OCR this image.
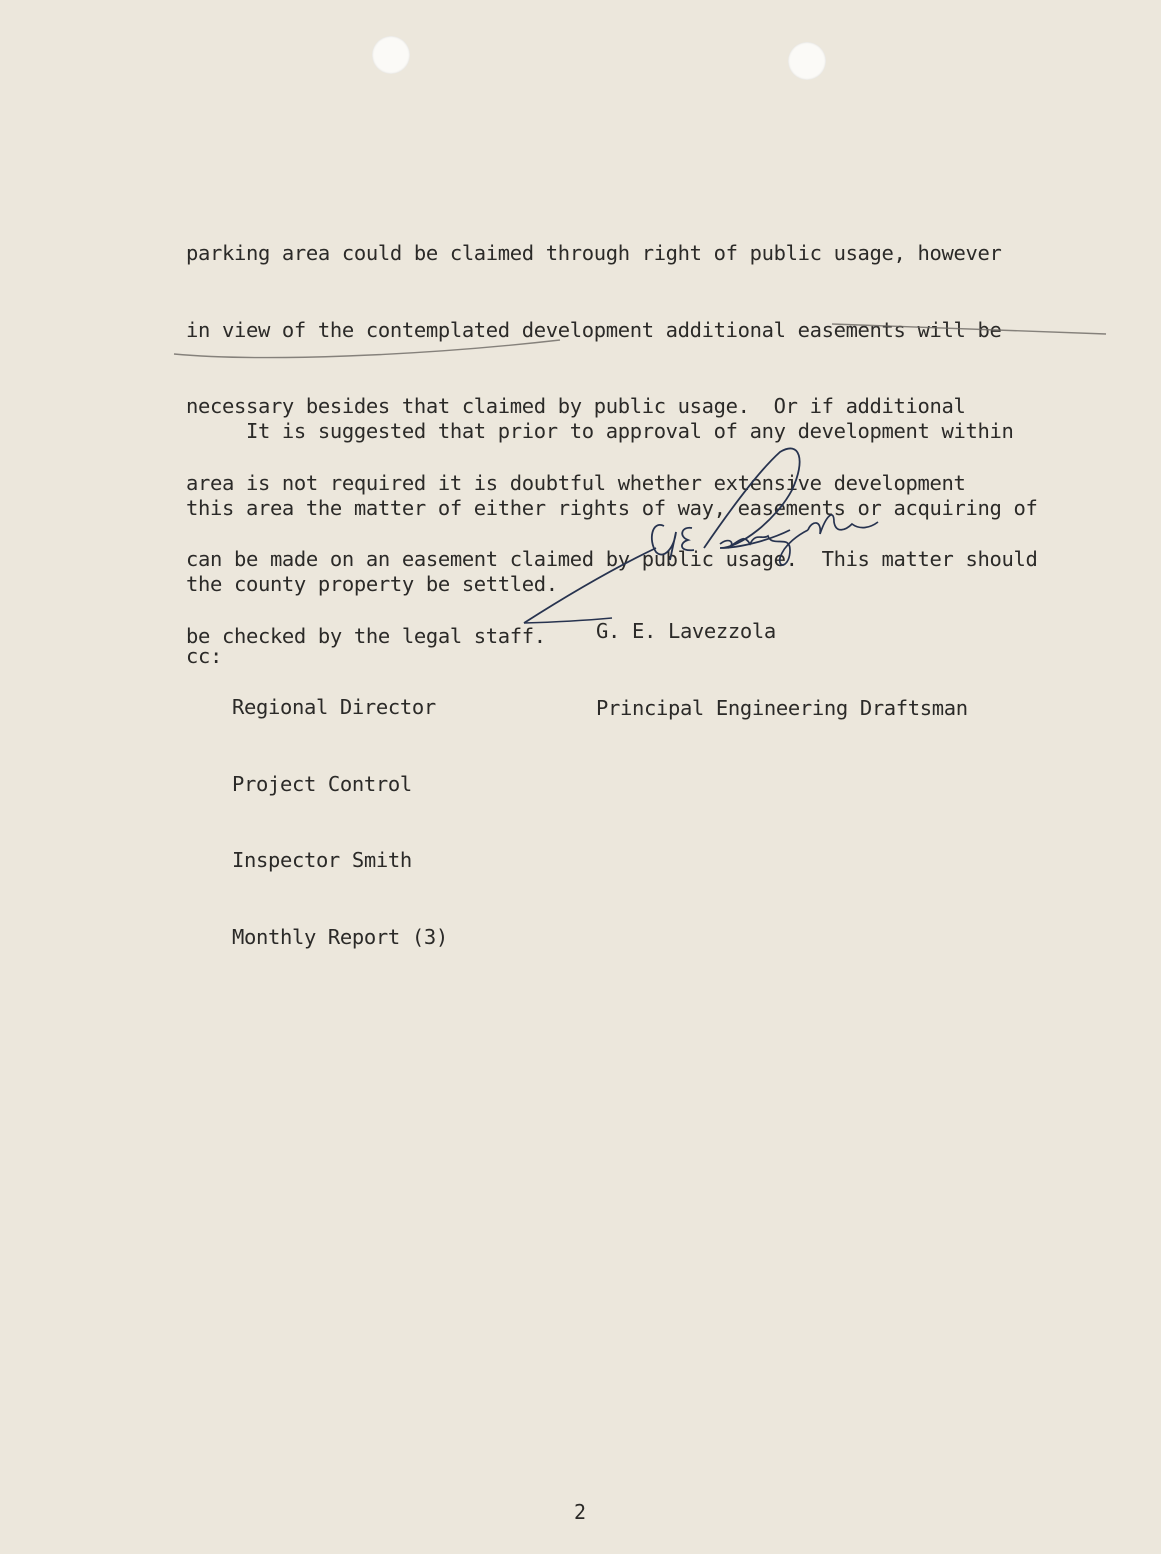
parking area could be claimed through right of public usage, however

in view of the contemplated development additional easements will be

necessary besides that claimed by public usage.  Or if additional

area is not required it is doubtful whether extensive development

can be made on an easement claimed by public usage.  This matter should

be checked by the legal staff.

It is suggested that prior to approval of any development within

this area the matter of either rights of way, easements or acquiring of

the county property be settled.

G. E. Lavezzola

Principal Engineering Draftsman

cc:

Regional Director

Project Control

Inspector Smith

Monthly Report (3)

2
